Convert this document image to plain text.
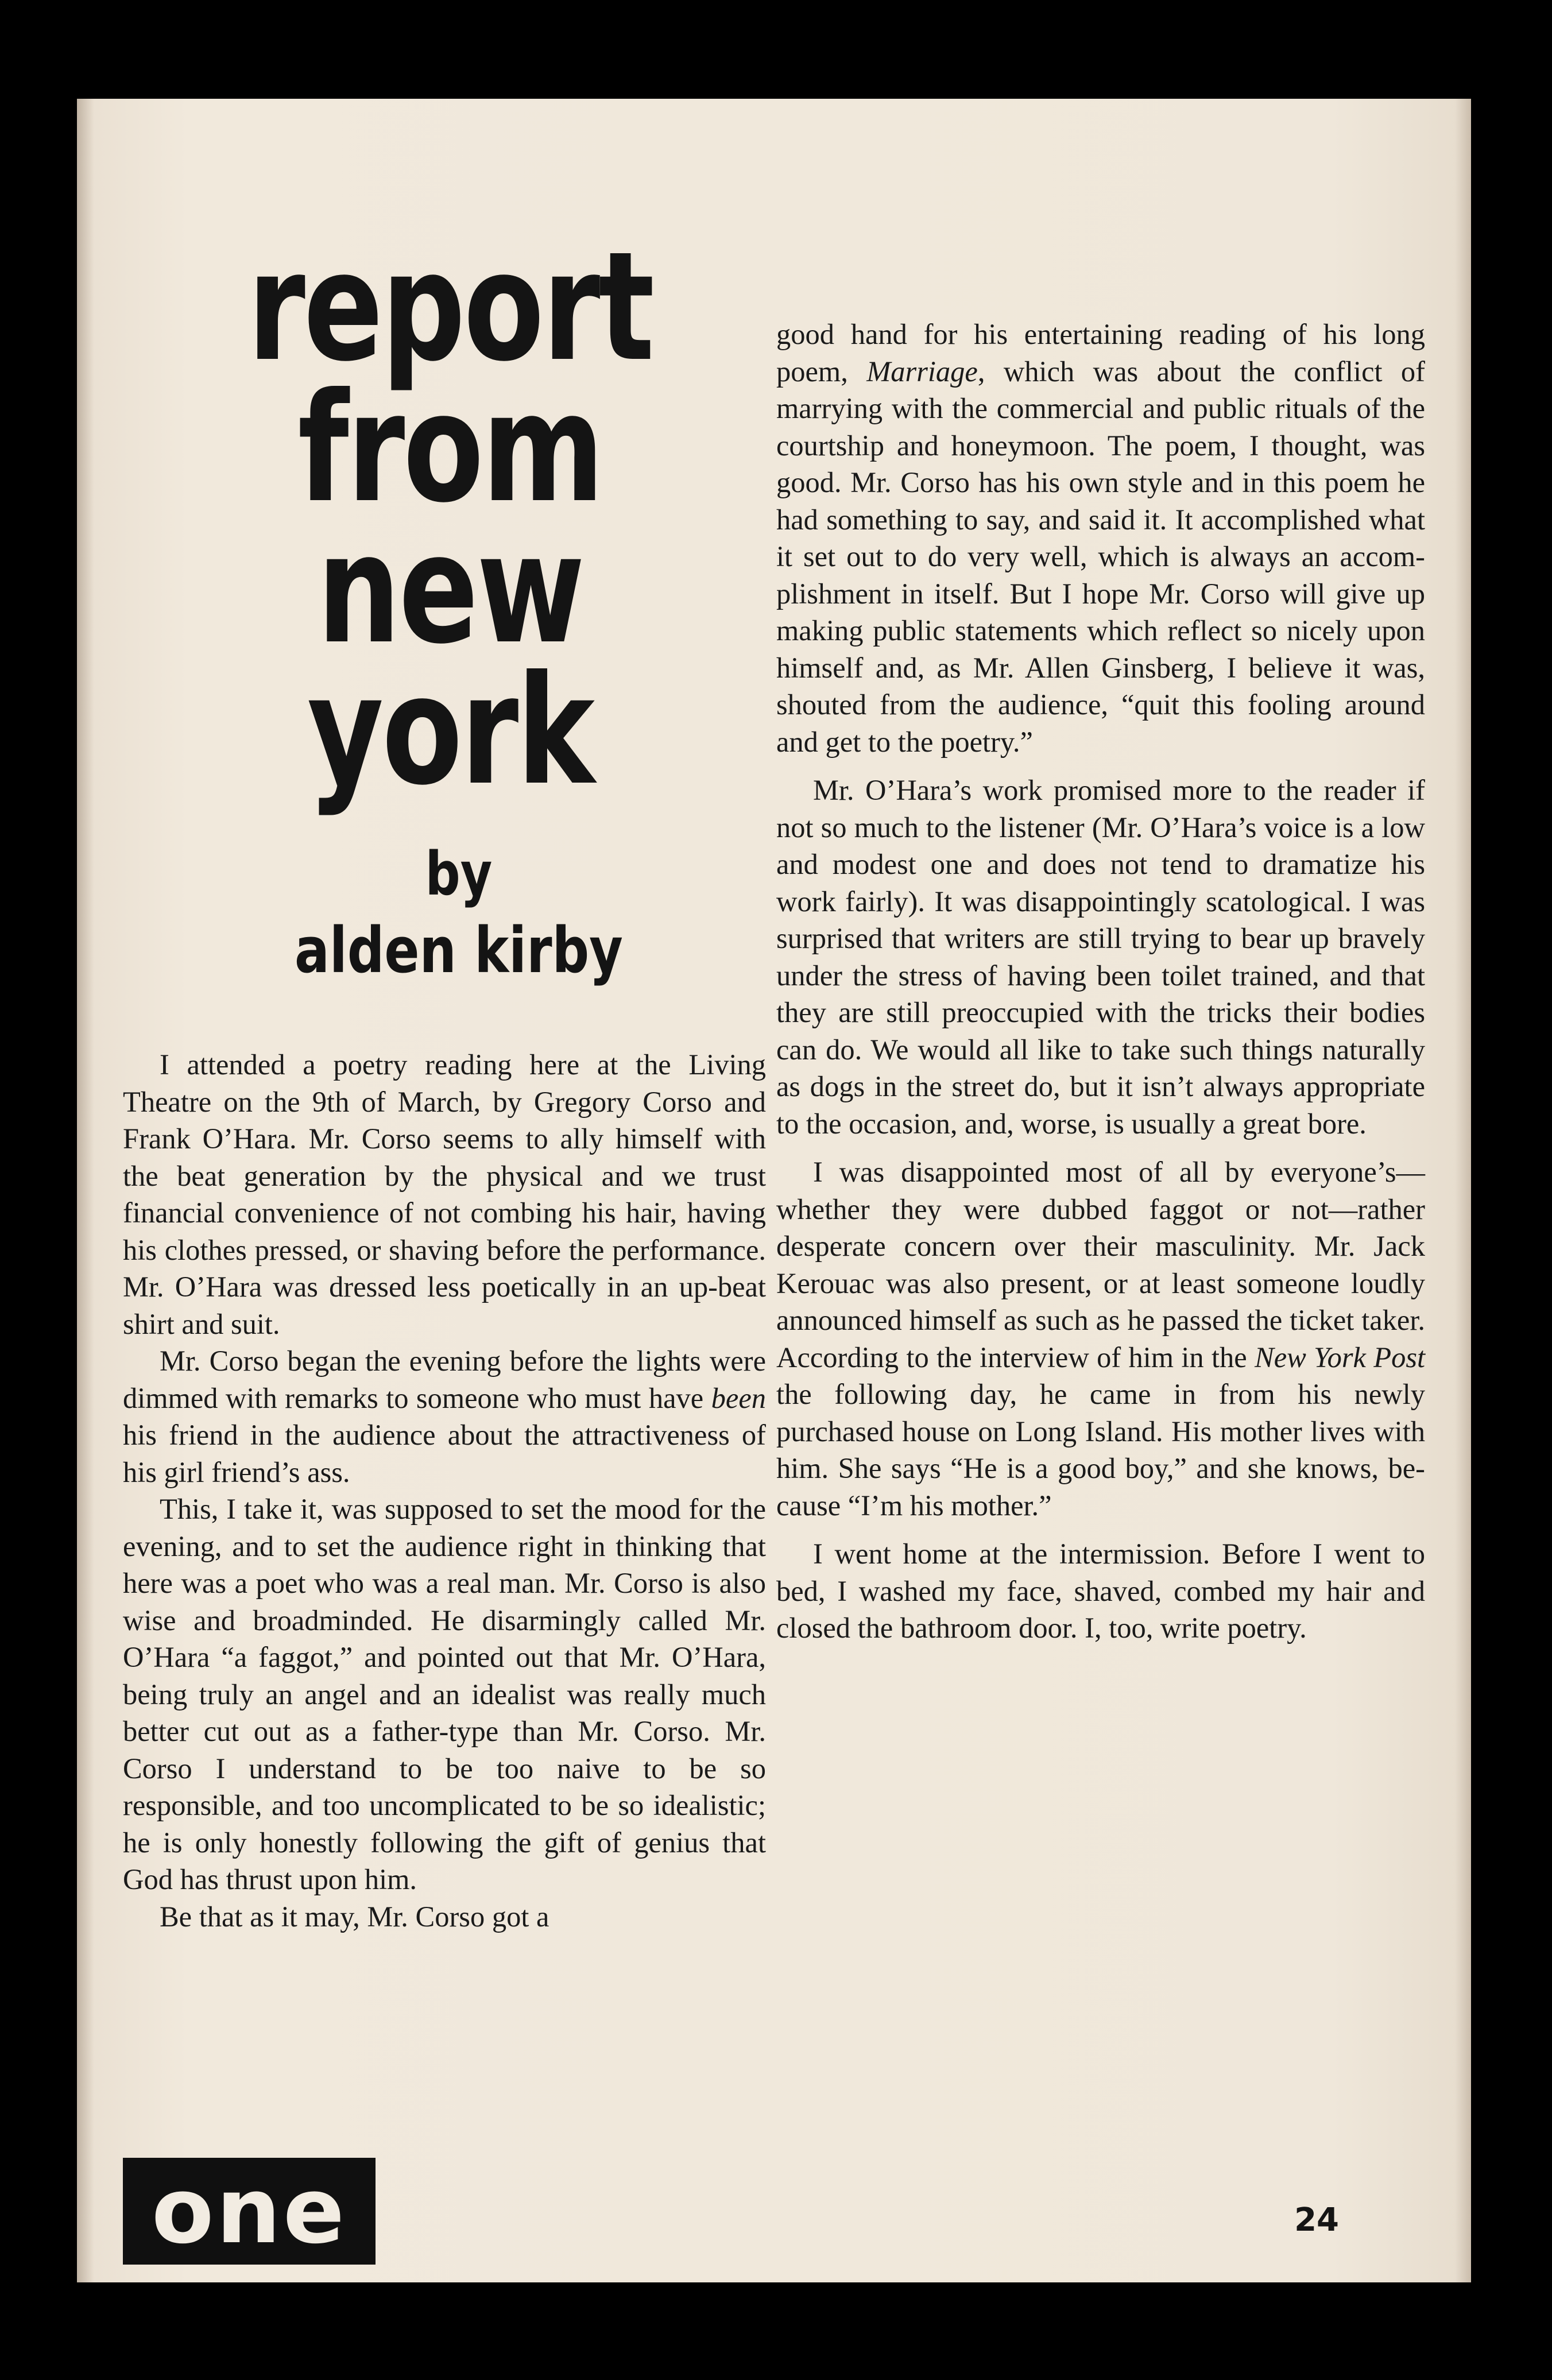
report
from
new york
by
alden kirby

I attended a poetry reading here at the Living Theatre on the 9th of March, by Gregory Corso and Frank O’Hara. Mr. Corso seems to ally himself with the beat generation by the physical and we trust financial convenience of not combing his hair, having his clothes pressed, or shaving before the performance. Mr. O’Hara was dressed less poetically in an up-beat shirt and suit.

Mr. Corso began the evening before the lights were dimmed with remarks to someone who must have been his friend in the audience about the attractiveness of his girl friend’s ass.

This, I take it, was supposed to set the mood for the evening, and to set the audience right in thinking that here was a poet who was a real man. Mr. Corso is also wise and broadminded. He disarmingly called Mr. O’Hara “a faggot,” and pointed out that Mr. O’Hara, being truly an angel and an idealist was really much better cut out as a father-type than Mr. Corso. Mr. Corso I understand to be too naive to be so responsible, and too uncomplicated to be so idealistic; he is only honestly following the gift of genius that God has thrust upon him.

Be that as it may, Mr. Corso got a

good hand for his entertaining reading of his long poem, Marriage, which was about the conflict of marrying with the commercial and public rituals of the courtship and honeymoon. The poem, I thought, was good. Mr. Corso has his own style and in this poem he had something to say, and said it. It accomplished what it set out to do very well, which is always an accomplishment in itself. But I hope Mr. Corso will give up making public statements which reflect so nicely upon himself and, as Mr. Allen Ginsberg, I believe it was, shouted from the audience, “quit this fooling around and get to the poetry.”

Mr. O’Hara’s work promised more to the reader if not so much to the listener (Mr. O’Hara’s voice is a low and modest one and does not tend to dramatize his work fairly). It was disappointingly scatological. I was surprised that writers are still trying to bear up bravely under the stress of having been toilet trained, and that they are still preoccupied with the tricks their bodies can do. We would all like to take such things naturally as dogs in the street do, but it isn’t always appropriate to the occasion, and, worse, is usually a great bore.

I was disappointed most of all by everyone’s—whether they were dubbed faggot or not—rather desperate concern over their masculinity. Mr. Jack Kerouac was also present, or at least someone loudly announced himself as such as he passed the ticket taker. According to the interview of him in the New York Post the following day, he came in from his newly purchased house on Long Island. His mother lives with him. She says “He is a good boy,” and she knows, because “I’m his mother.”

I went home at the intermission. Before I went to bed, I washed my face, shaved, combed my hair and closed the bathroom door. I, too, write poetry.

one	24
